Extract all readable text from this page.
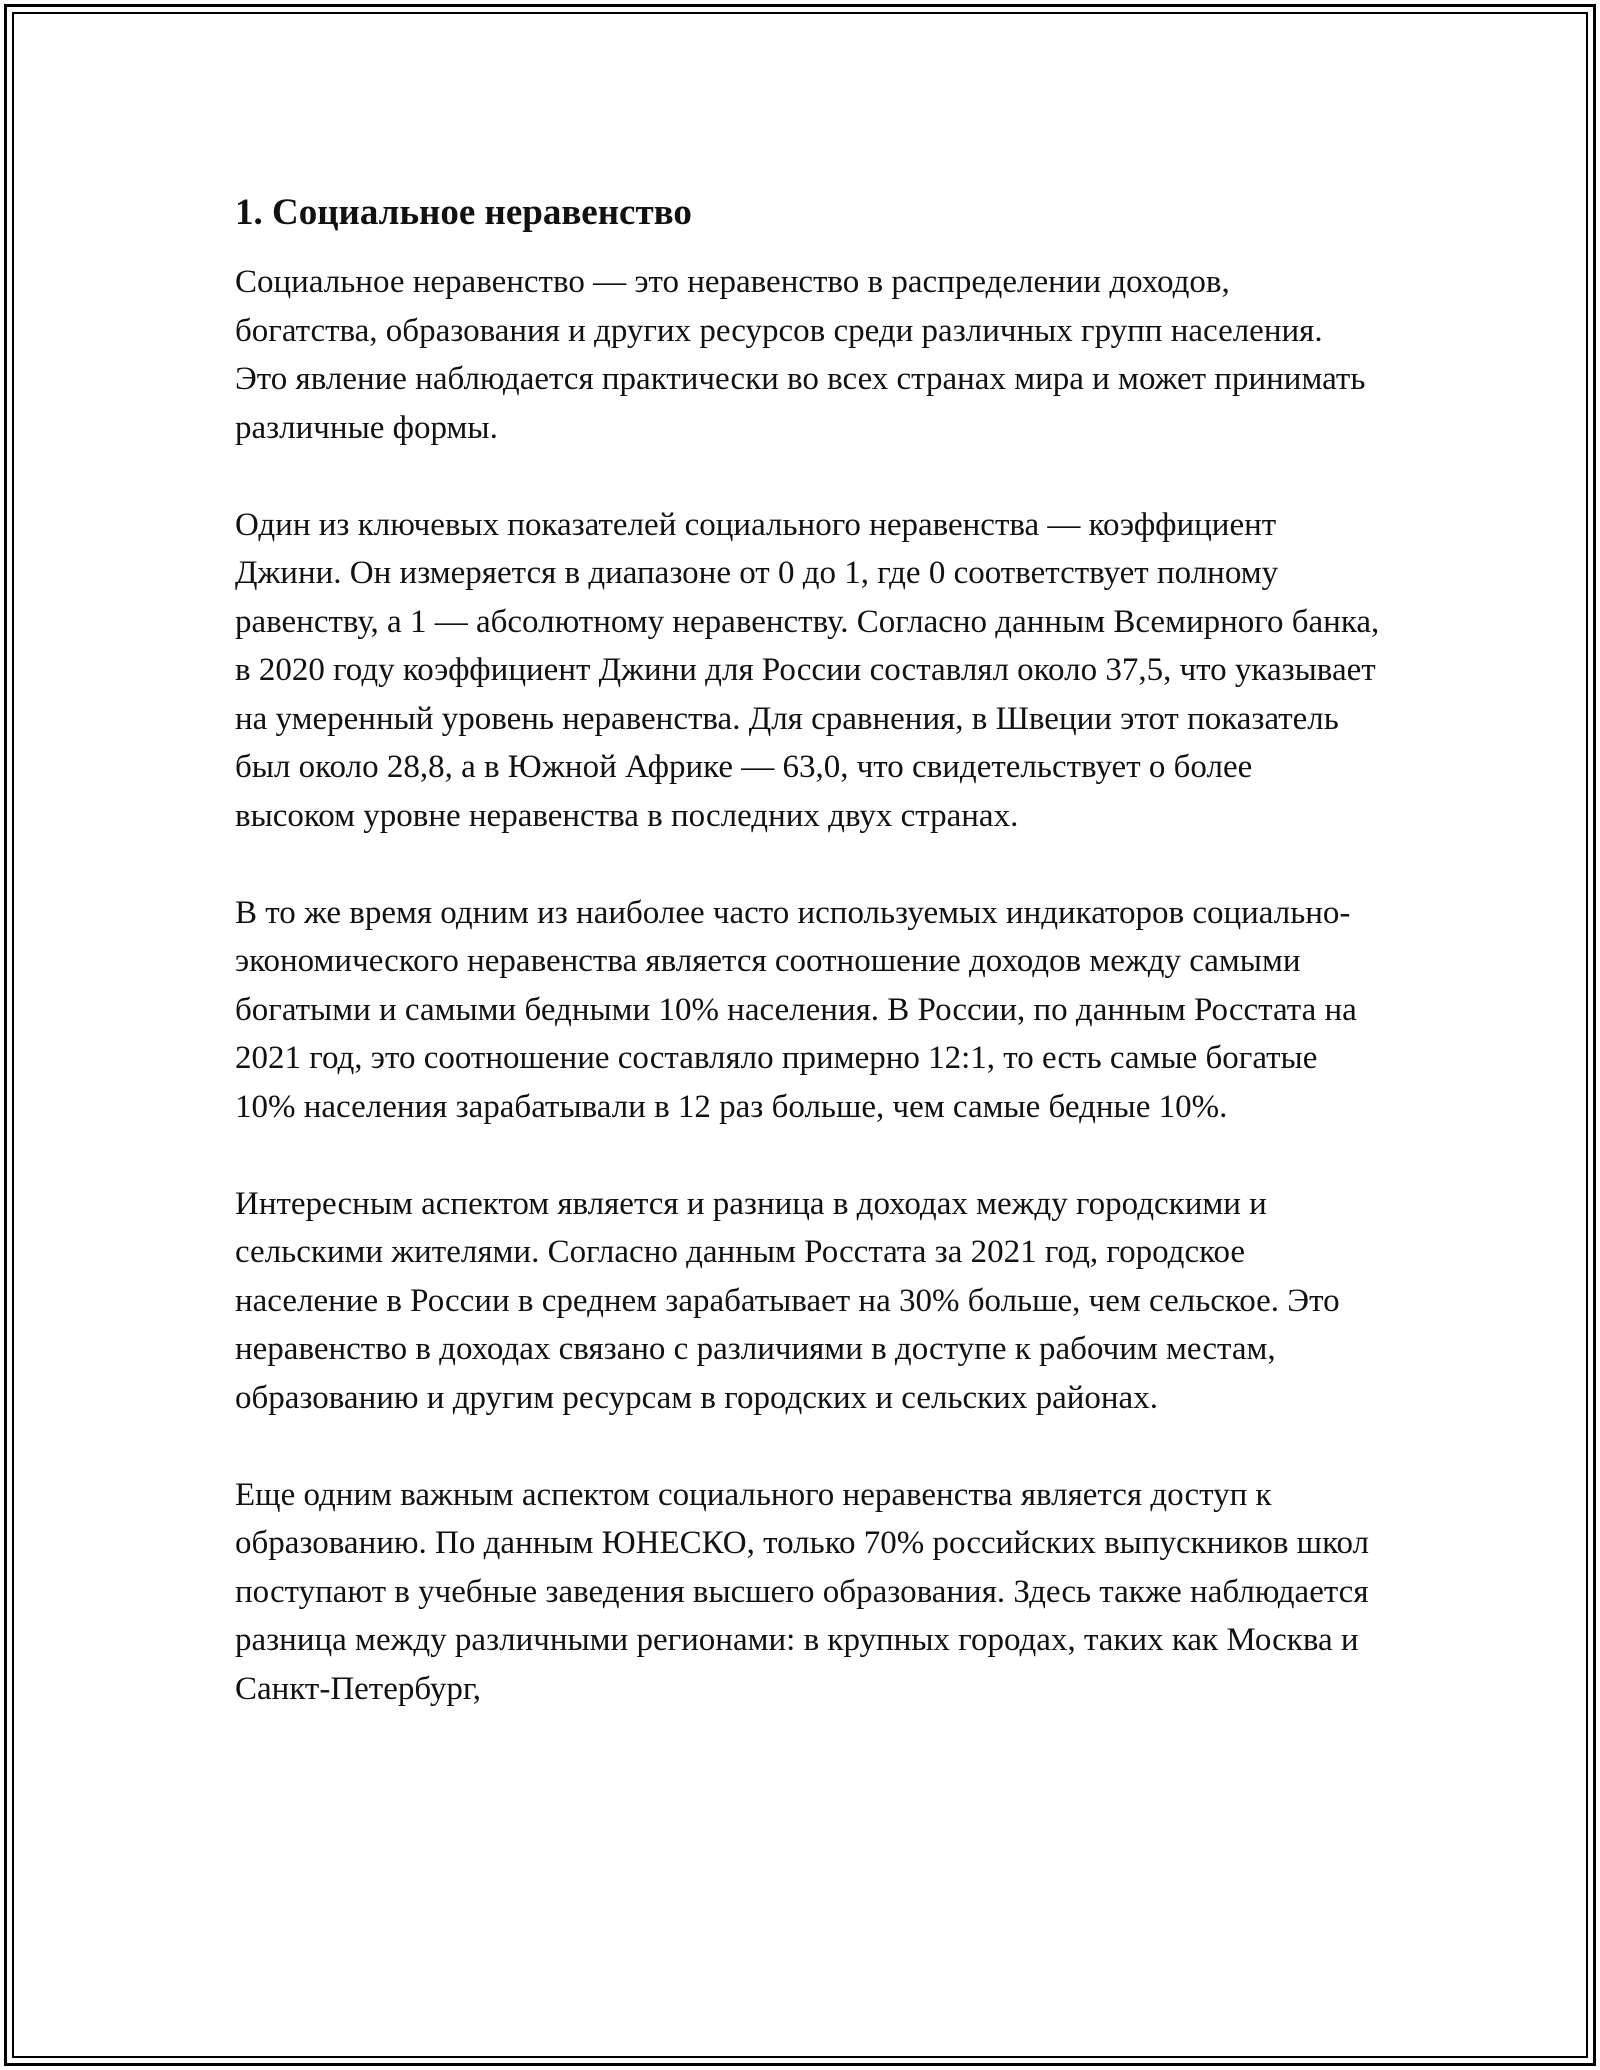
1. Социальное неравенство

Социальное неравенство — это неравенство в распределении доходов, богатства, образования и других ресурсов среди различных групп населения. Это явление наблюдается практически во всех странах мира и может принимать различные формы.

Один из ключевых показателей социального неравенства — коэффициент Джини. Он измеряется в диапазоне от 0 до 1, где 0 соответствует полному равенству, а 1 — абсолютному неравенству. Согласно данным Всемирного банка, в 2020 году коэффициент Джини для России составлял около 37,5, что указывает на умеренный уровень неравенства. Для сравнения, в Швеции этот показатель был около 28,8, а в Южной Африке — 63,0, что свидетельствует о более высоком уровне неравенства в последних двух странах.

В то же время одним из наиболее часто используемых индикаторов социально-экономического неравенства является соотношение доходов между самыми богатыми и самыми бедными 10% населения. В России, по данным Росстата на 2021 год, это соотношение составляло примерно 12:1, то есть самые богатые 10% населения зарабатывали в 12 раз больше, чем самые бедные 10%.

Интересным аспектом является и разница в доходах между городскими и сельскими жителями. Согласно данным Росстата за 2021 год, городское население в России в среднем зарабатывает на 30% больше, чем сельское. Это неравенство в доходах связано с различиями в доступе к рабочим местам, образованию и другим ресурсам в городских и сельских районах.

Еще одним важным аспектом социального неравенства является доступ к образованию. По данным ЮНЕСКО, только 70% российских выпускников школ поступают в учебные заведения высшего образования. Здесь также наблюдается разница между различными регионами: в крупных городах, таких как Москва и Санкт-Петербург,
